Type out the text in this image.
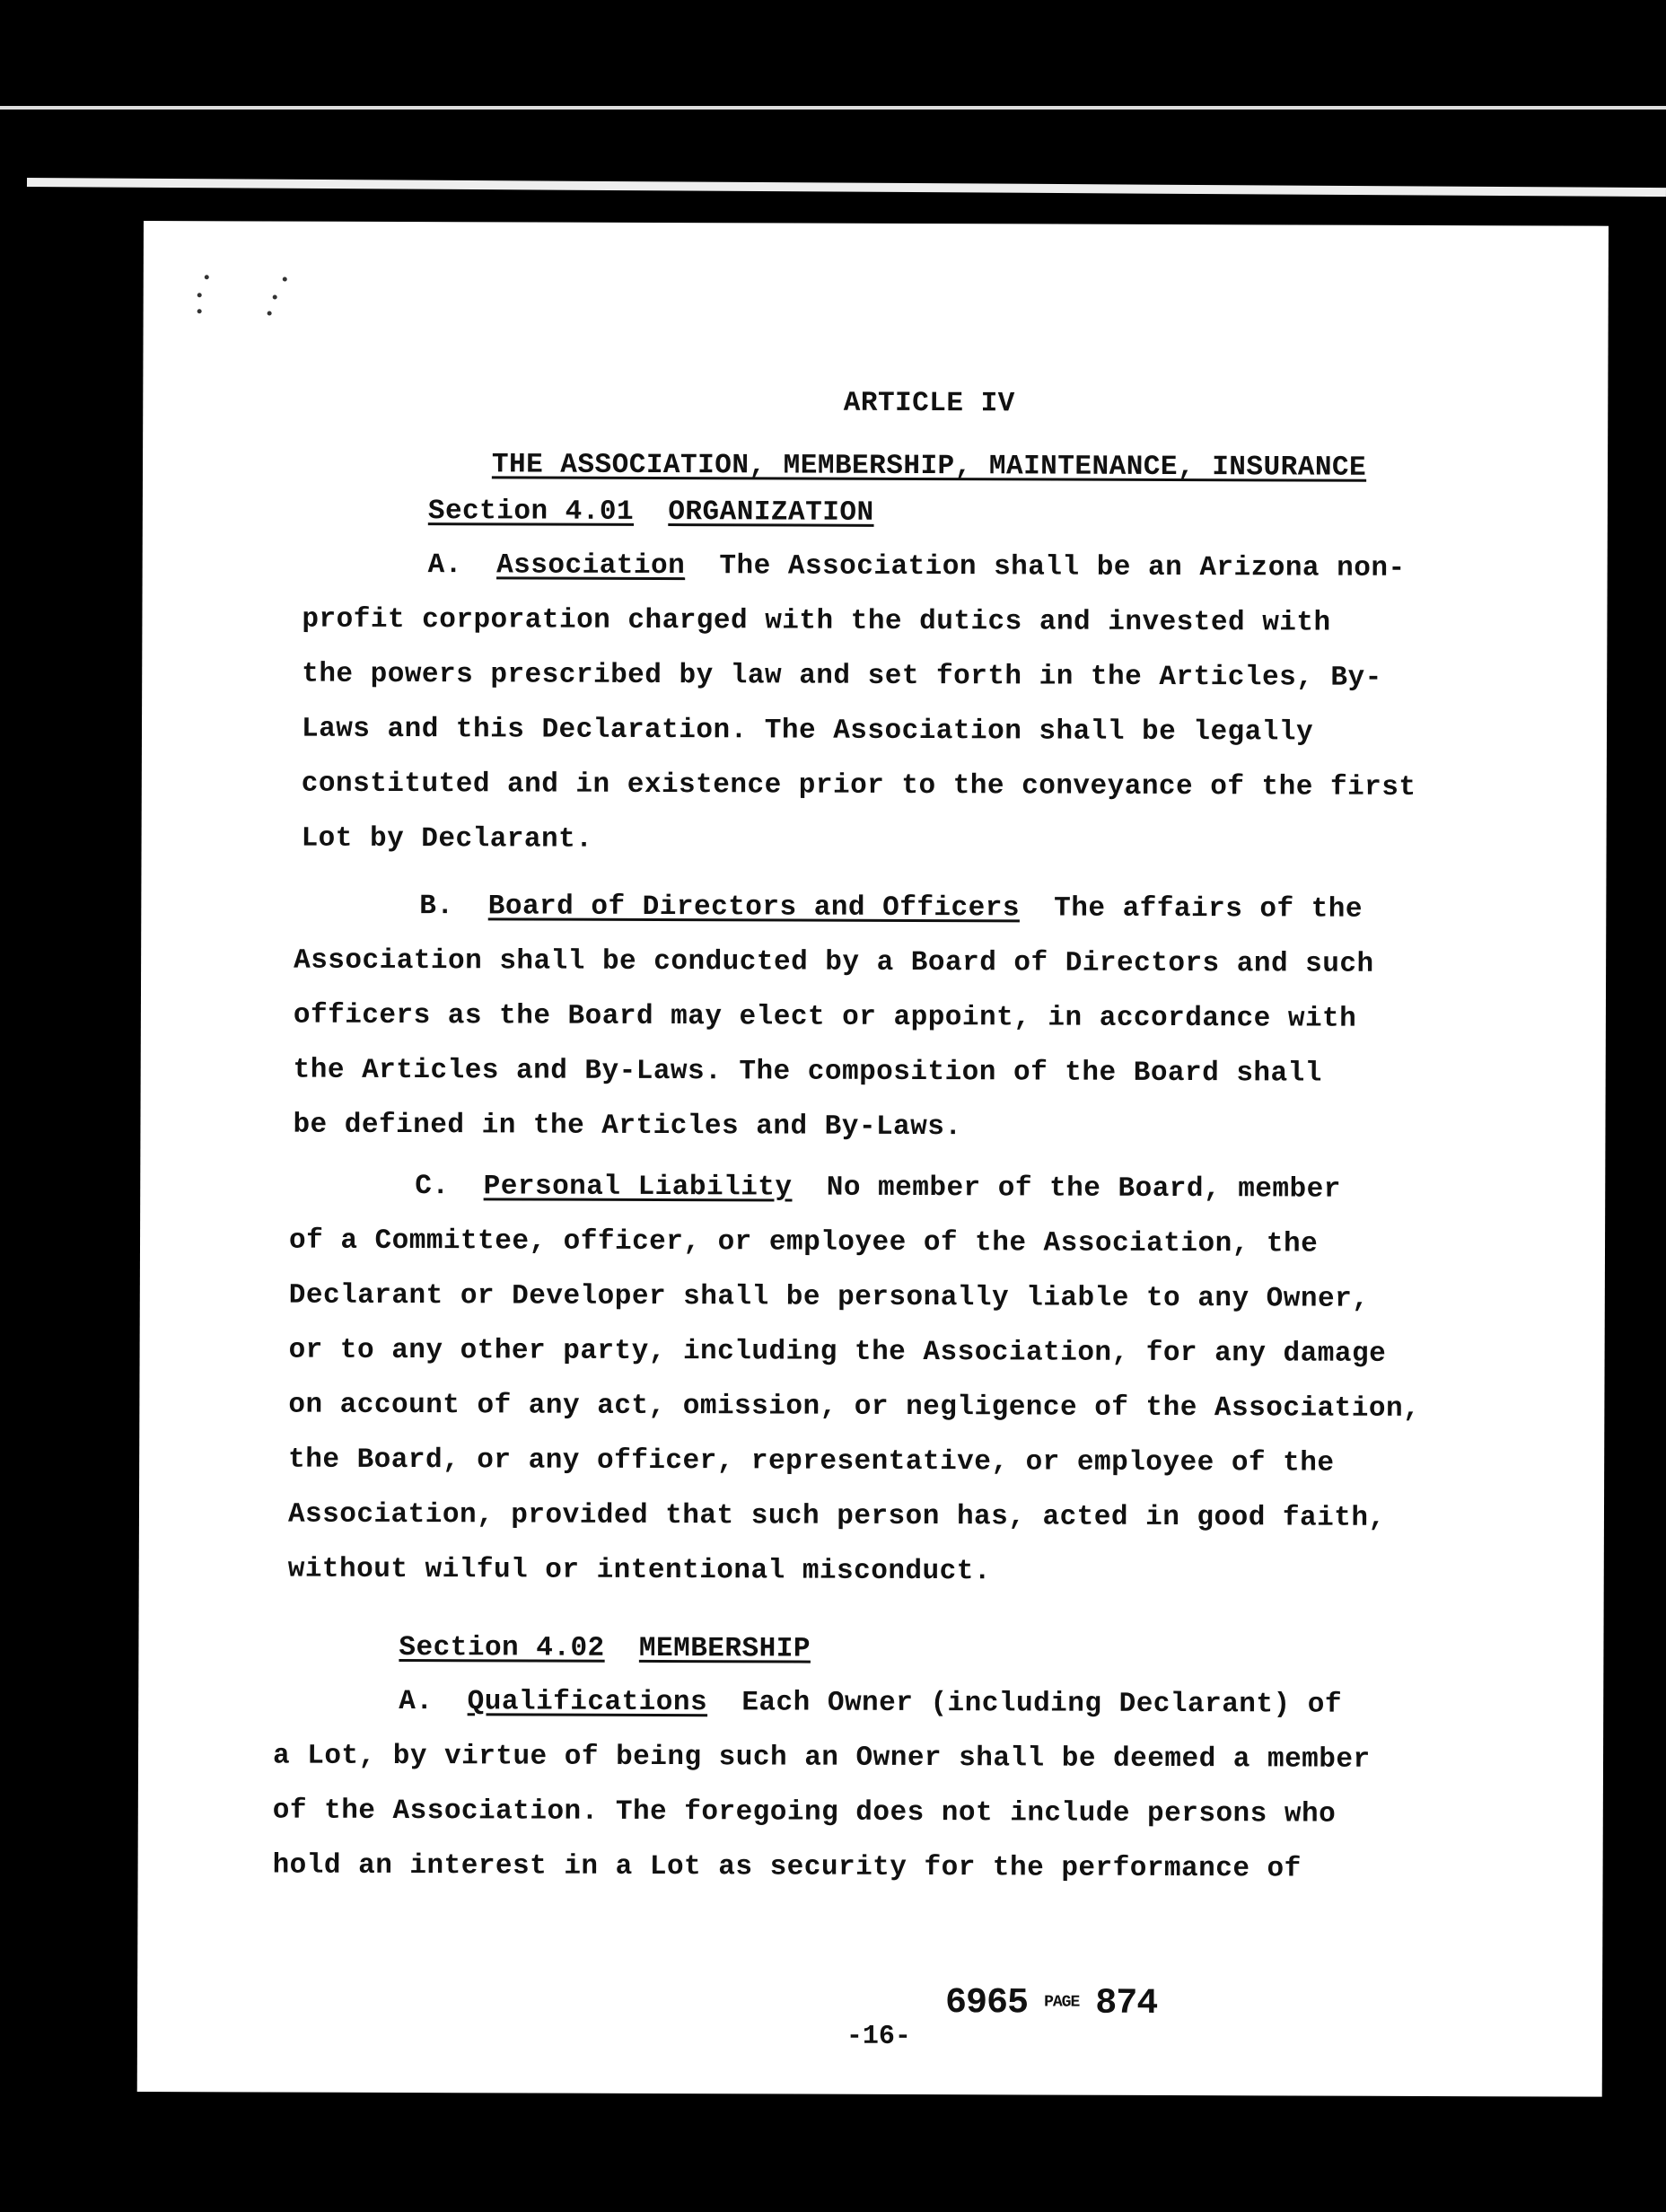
ARTICLE IV
THE ASSOCIATION, MEMBERSHIP, MAINTENANCE, INSURANCE
Section 4.01 ORGANIZATION
A. Association The Association shall be an Arizona non-
profit corporation charged with the dutics and invested with
the powers prescribed by law and set forth in the Articles, By-
Laws and this Declaration. The Association shall be legally
constituted and in existence prior to the conveyance of the first
Lot by Declarant.
B. Board of Directors and Officers The affairs of the
Association shall be conducted by a Board of Directors and such
officers as the Board may elect or appoint, in accordance with
the Articles and By-Laws. The composition of the Board shall
be defined in the Articles and By-Laws.
C. Personal Liability No member of the Board, member
of a Committee, officer, or employee of the Association, the
Declarant or Developer shall be personally liable to any Owner,
or to any other party, including the Association, for any damage
on account of any act, omission, or negligence of the Association,
the Board, or any officer, representative, or employee of the
Association, provided that such person has, acted in good faith,
without wilful or intentional misconduct.
Section 4.02 MEMBERSHIP
A. Qualifications Each Owner (including Declarant) of
a Lot, by virtue of being such an Owner shall be deemed a member
of the Association. The foregoing does not include persons who
hold an interest in a Lot as security for the performance of
6965 PAGE 874
-16-
